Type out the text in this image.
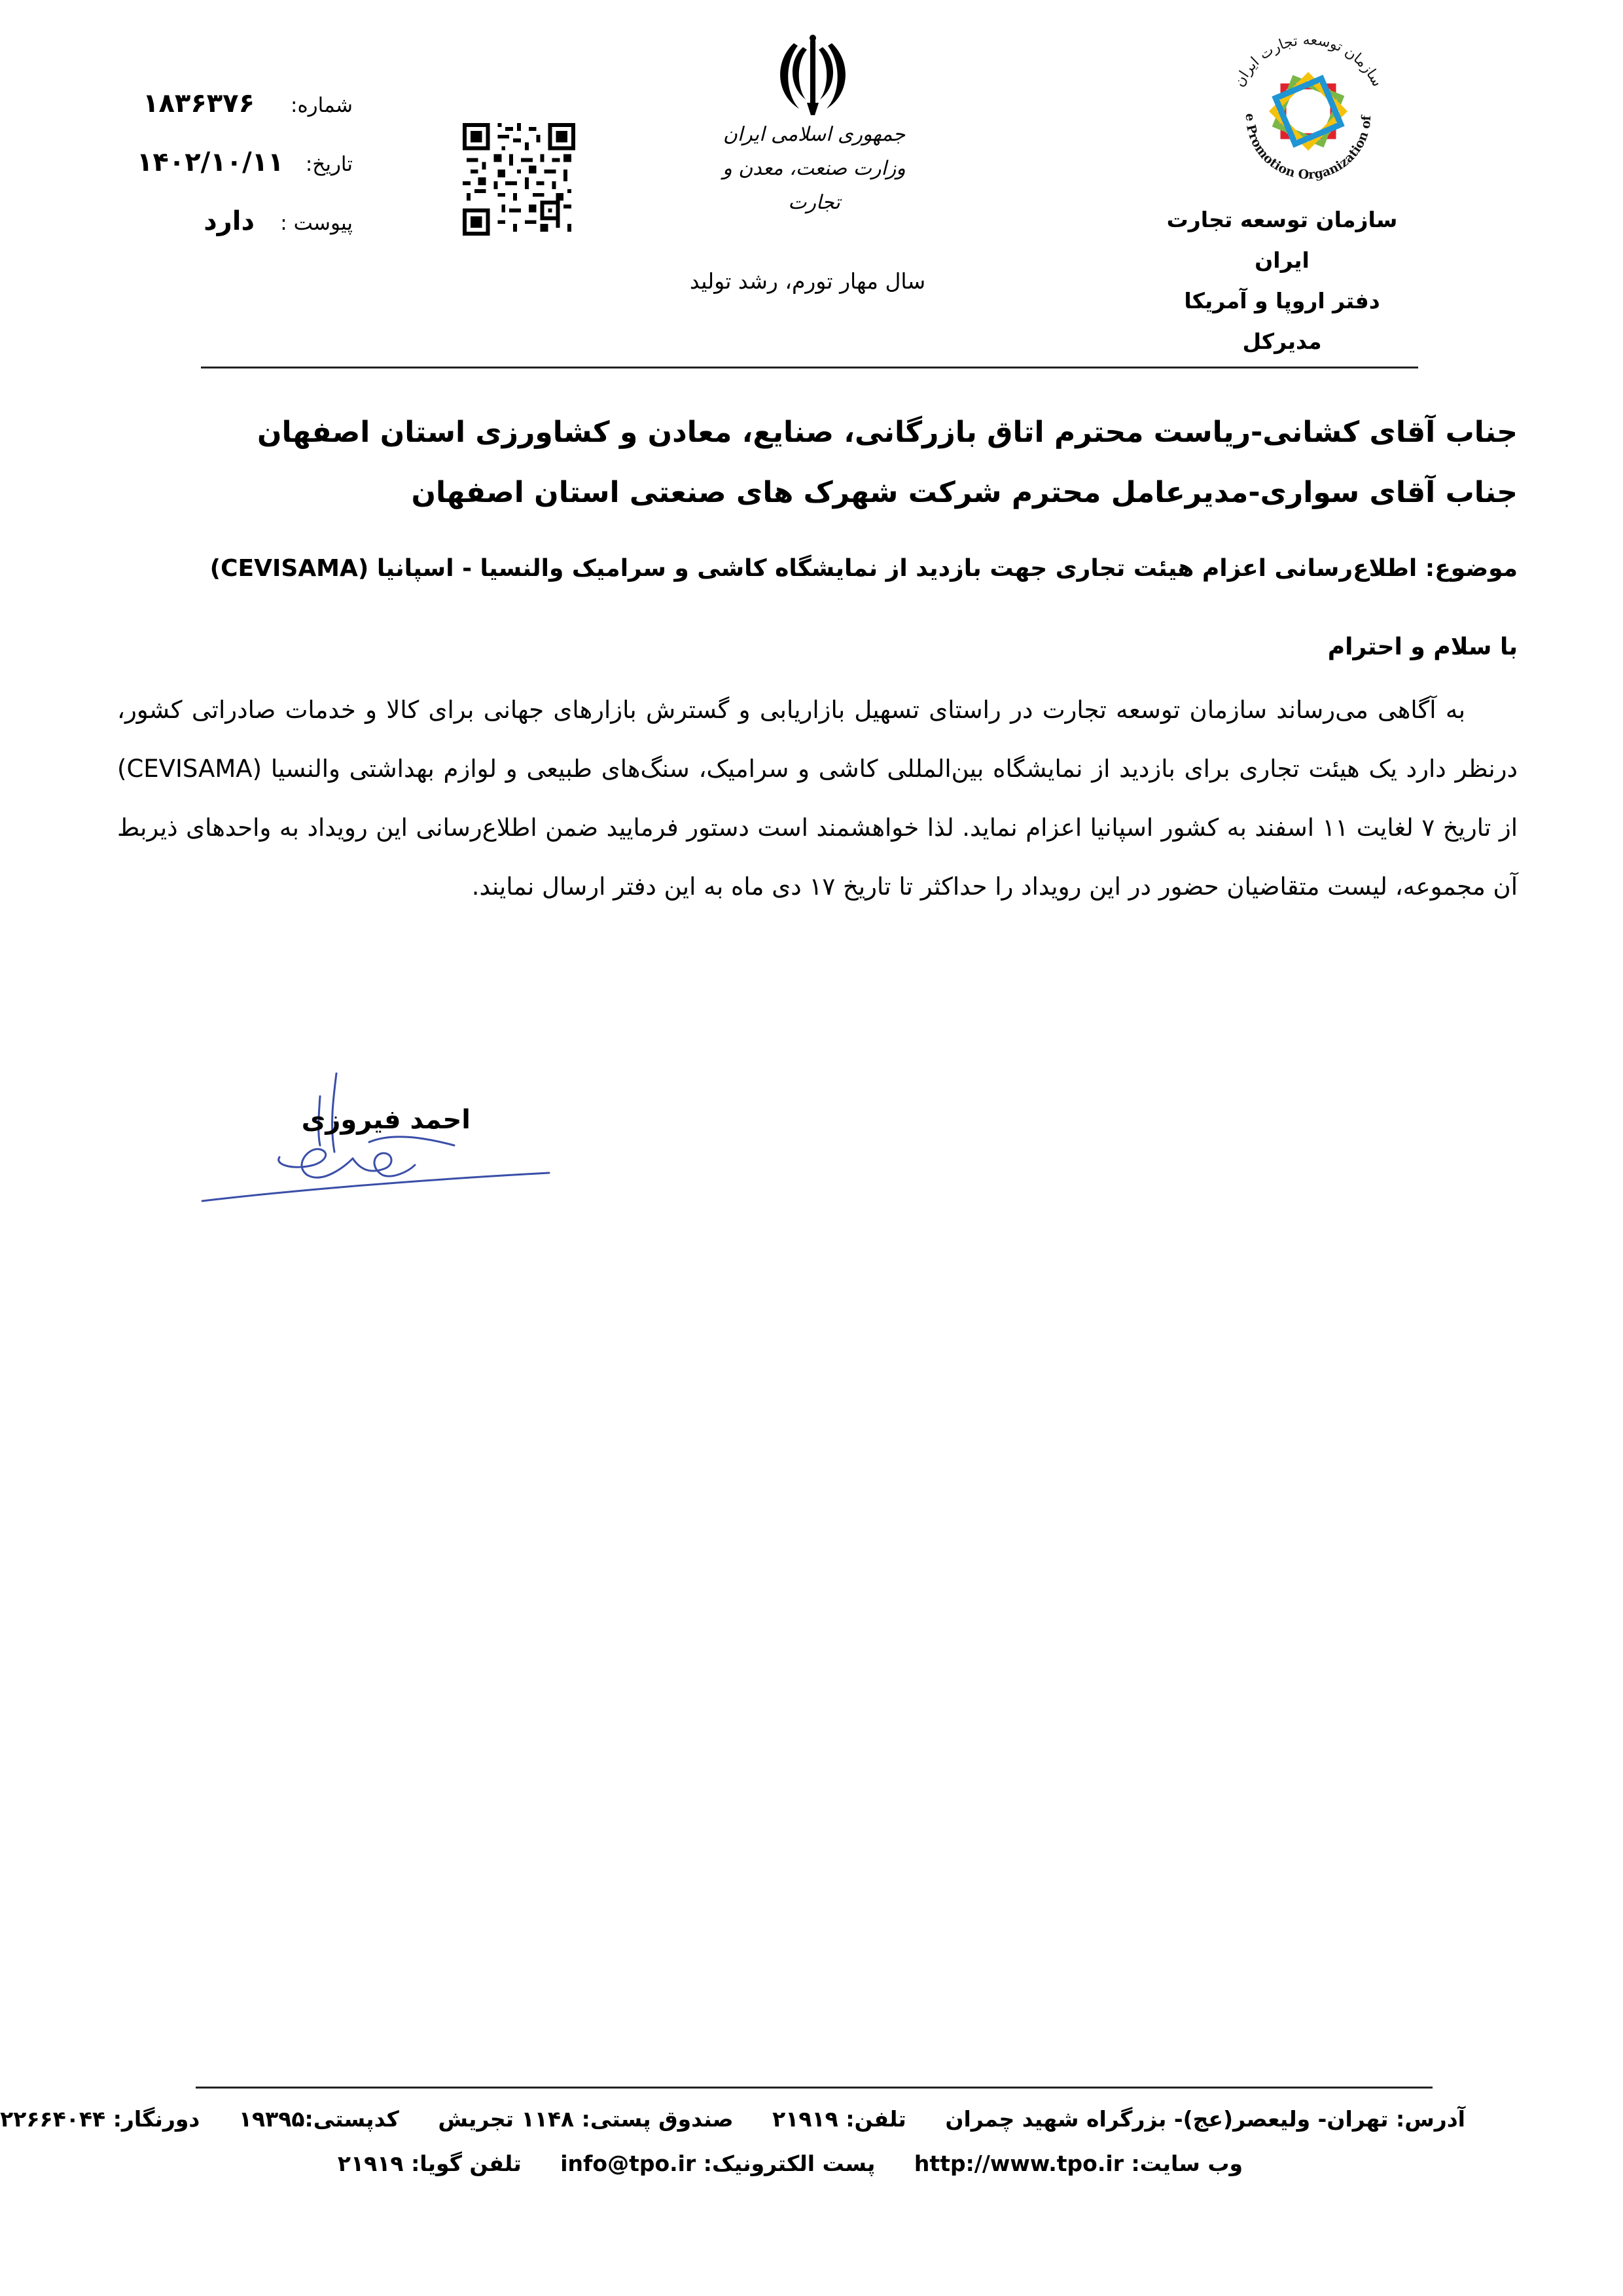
سازمان توسعه تجارت ایران
e Promotion Organization of
سازمان توسعه تجارت ایران
دفتر اروپا و آمریکا
مدیرکل
جمهوری اسلامی ایران
وزارت صنعت، معدن و تجارت
سال مهار تورم، رشد تولید
شماره:
۱۸۳۶۳۷۶
تاریخ:
۱۴۰۲/۱۰/۱۱
پیوست :
دارد
جناب آقای کشانی-ریاست محترم اتاق بازرگانی، صنایع، معادن و کشاورزی استان اصفهان
جناب آقای سواری-مدیرعامل محترم شرکت شهرک های صنعتی استان اصفهان
موضوع: اطلاع‌رسانی اعزام هیئت تجاری جهت بازدید از نمایشگاه کاشی و سرامیک والنسیا - اسپانیا (CEVISAMA)
با سلام و احترام
به آگاهی می‌رساند سازمان توسعه تجارت در راستای تسهیل بازاریابی و گسترش بازارهای جهانی برای کالا و خدمات صادراتی کشور، درنظر دارد یک هیئت تجاری برای بازدید از نمایشگاه بین‌المللی کاشی و سرامیک، سنگ‌های طبیعی و لوازم بهداشتی والنسیا (CEVISAMA) از تاریخ ۷ لغایت ۱۱ اسفند به کشور اسپانیا اعزام نماید. لذا خواهشمند است دستور فرمایید ضمن اطلاع‌رسانی این رویداد به واحدهای ذیربط آن مجموعه، لیست متقاضیان حضور در این رویداد را حداکثر تا تاریخ ۱۷ دی ماه به این دفتر ارسال نمایند.
احمد فیروزی
آدرس: تهران- ولیعصر(عج)- بزرگراه شهید چمران تلفن: ۲۱۹۱۹ صندوق پستی: ۱۱۴۸ تجریش کدپستی:۱۹۳۹۵ دورنگار: ۲۲۶۶۴۰۴۴
وب سایت: http://www.tpo.ir پست الکترونیک: info@tpo.ir تلفن گویا: ۲۱۹۱۹
